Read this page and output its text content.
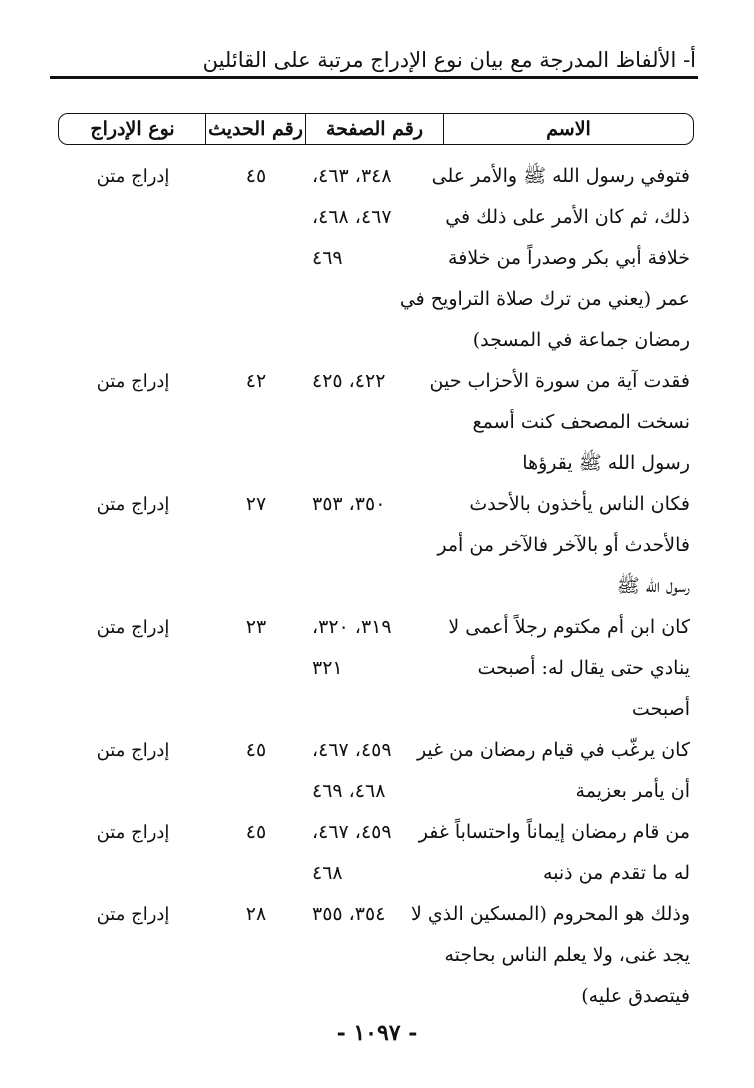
أ- الألفاظ المدرجة مع بيان نوع الإدراج مرتبة على القائلين
الاسم
رقم الصفحة
رقم الحديث
نوع الإدراج
فتوفي رسول الله ﷺ والأمر على
ذلك، ثم كان الأمر على ذلك في
خلافة أبي بكر وصدراً من خلافة
عمر (يعني من ترك صلاة التراويح في
رمضان جماعة في المسجد)
٣٤٨، ٤٦٣،
٤٦٧، ٤٦٨،
٤٦٩
٤٥
إدراج متن
فقدت آية من سورة الأحزاب حين
نسخت المصحف كنت أسمع
رسول الله ﷺ يقرؤها
٤٢٢، ٤٢٥
٤٢
إدراج متن
فكان الناس يأخذون بالأحدث
فالأحدث أو بالآخر فالآخر من أمر
رسول الله ﷺ
٣٥٠، ٣٥٣
٢٧
إدراج متن
كان ابن أم مكتوم رجلاً أعمى لا
ينادي حتى يقال له: أصبحت
أصبحت
٣١٩، ٣٢٠،
٣٢١
٢٣
إدراج متن
كان يرغّب في قيام رمضان من غير
أن يأمر بعزيمة
٤٥٩، ٤٦٧،
٤٦٨، ٤٦٩
٤٥
إدراج متن
من قام رمضان إيماناً واحتساباً غفر
له ما تقدم من ذنبه
٤٥٩، ٤٦٧،
٤٦٨
٤٥
إدراج متن
وذلك هو المحروم (المسكين الذي لا
يجد غنى، ولا يعلم الناس بحاجته
فيتصدق عليه)
٣٥٤، ٣٥٥
٢٨
إدراج متن
- ١٠٩٧ -
